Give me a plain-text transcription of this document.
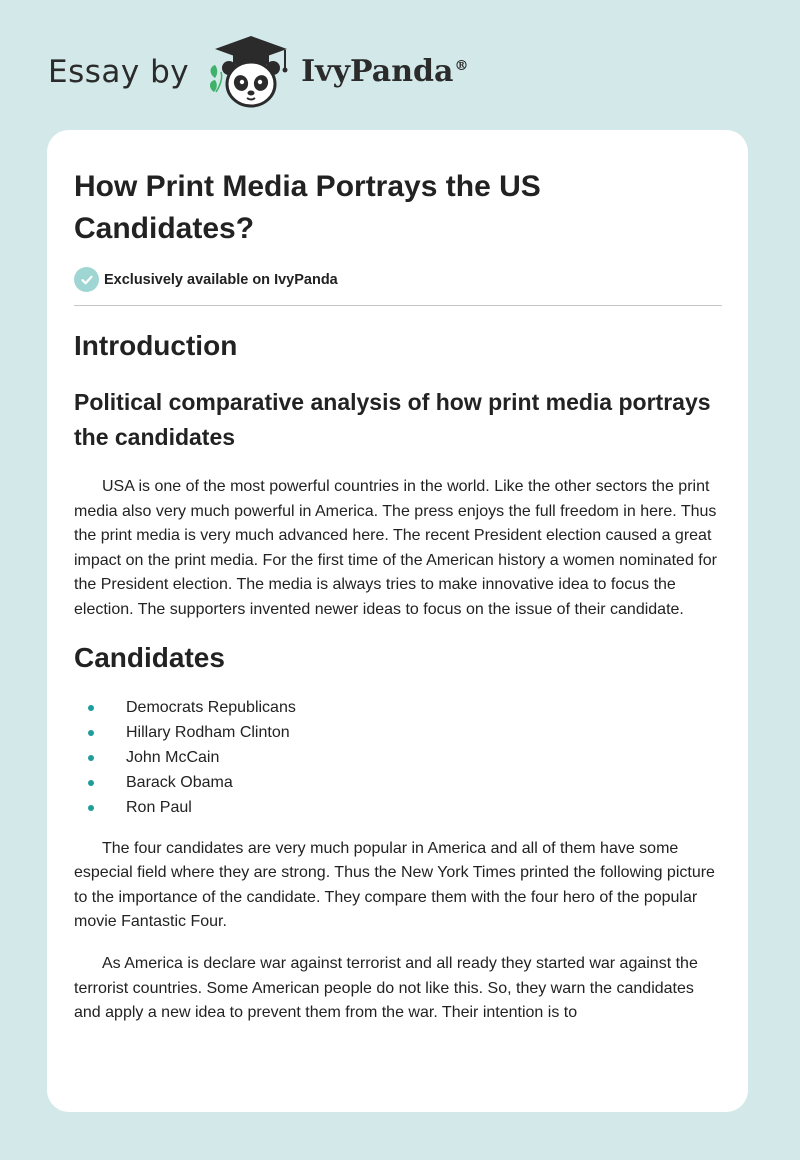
Essay by	IvyPanda®
How Print Media Portrays the US Candidates?
Exclusively available on IvyPanda
Introduction
Political comparative analysis of how print media portrays the candidates

USA is one of the most powerful countries in the world. Like the other sectors the print media also very much powerful in America. The press enjoys the full freedom in here. Thus the print media is very much advanced here. The recent President election caused a great impact on the print media. For the first time of the American history a women nominated for the President election. The media is always tries to make innovative idea to focus the election. The supporters invented newer ideas to focus on the issue of their candidate.

Candidates
Democrats Republicans
Hillary Rodham Clinton
John McCain
Barack Obama
Ron Paul

The four candidates are very much popular in America and all of them have some especial field where they are strong. Thus the New York Times printed the following picture to the importance of the candidate. They compare them with the four hero of the popular movie Fantastic Four.

As America is declare war against terrorist and all ready they started war against the terrorist countries. Some American people do not like this. So, they warn the candidates and apply a new idea to prevent them from the war. Their intention is to
